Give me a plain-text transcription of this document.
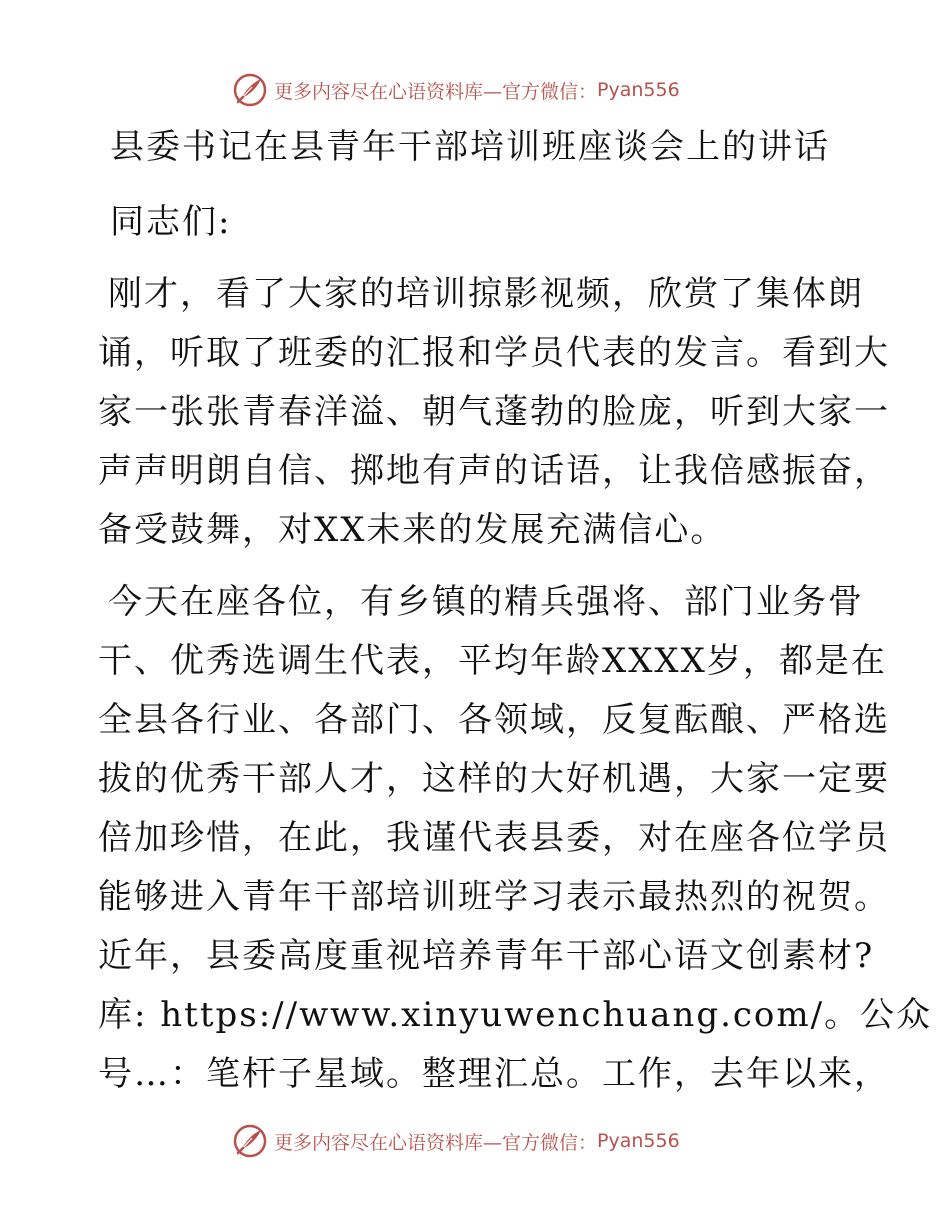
更多内容尽在心语资料库—官方微信： Pyan556
县委书记在县青年干部培训班座谈会上的讲话
同志们:
刚才，看了大家的培训掠影视频，欣赏了集体朗
诵，听取了班委的汇报和学员代表的发言。看到大
家一张张青春洋溢、朝气蓬勃的脸庞，听到大家一
声声明朗自信、掷地有声的话语，让我倍感振奋，
备受鼓舞，对XX未来的发展充满信心。
今天在座各位，有乡镇的精兵强将、部门业务骨
干、优秀选调生代表，平均年龄XXXX岁，都是在
全县各行业、各部门、各领域，反复酝酿、严格选
拔的优秀干部人才，这样的大好机遇，大家一定要
倍加珍惜，在此，我谨代表县委，对在座各位学员
能够进入青年干部培训班学习表示最热烈的祝贺。
近年，县委高度重视培养青年干部心语文创素材?
库: https://www.xinyuwenchuang.com/。公众
号…：笔杆子星域。整理汇总。工作，去年以来，
更多内容尽在心语资料库—官方微信： Pyan556
